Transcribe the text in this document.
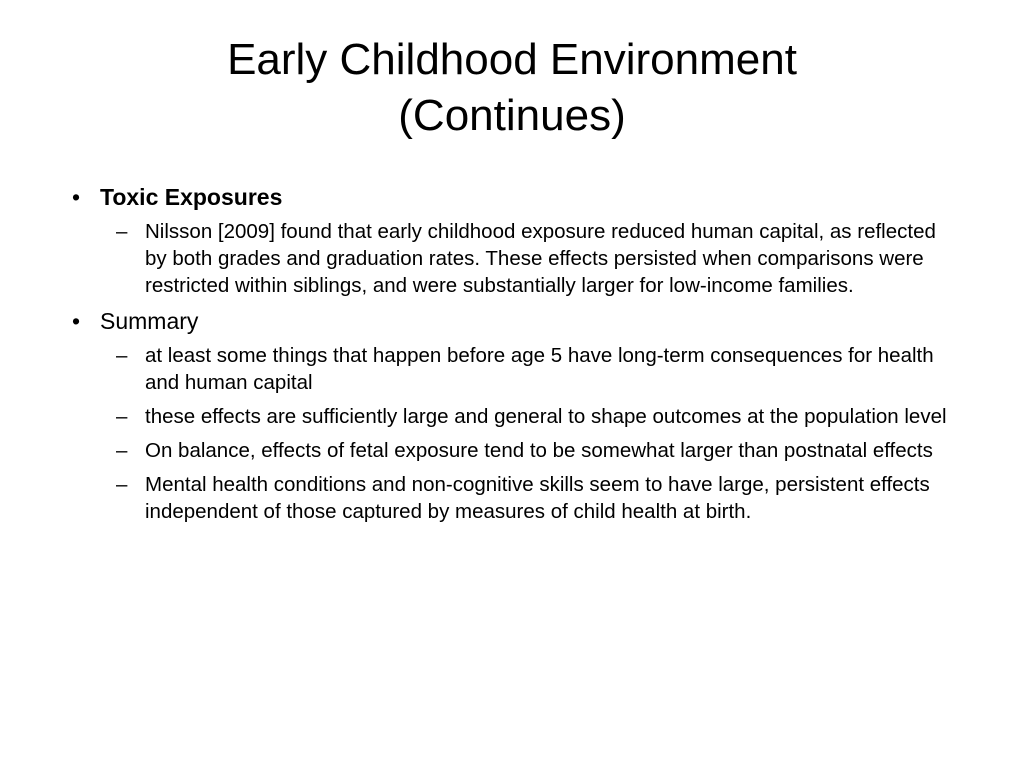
Early Childhood Environment
(Continues)
• Toxic Exposures
– Nilsson [2009] found that early childhood exposure reduced human capital, as reflected by both grades and graduation rates. These effects persisted when comparisons were restricted within siblings, and were substantially larger for low-income families.
• Summary
– at least some things that happen before age 5 have long-term consequences for health and human capital
– these effects are sufficiently large and general to shape outcomes at the population level
– On balance, effects of fetal exposure tend to be somewhat larger than postnatal effects
– Mental health conditions and non-cognitive skills seem to have large, persistent effects independent of those captured by measures of child health at birth.
